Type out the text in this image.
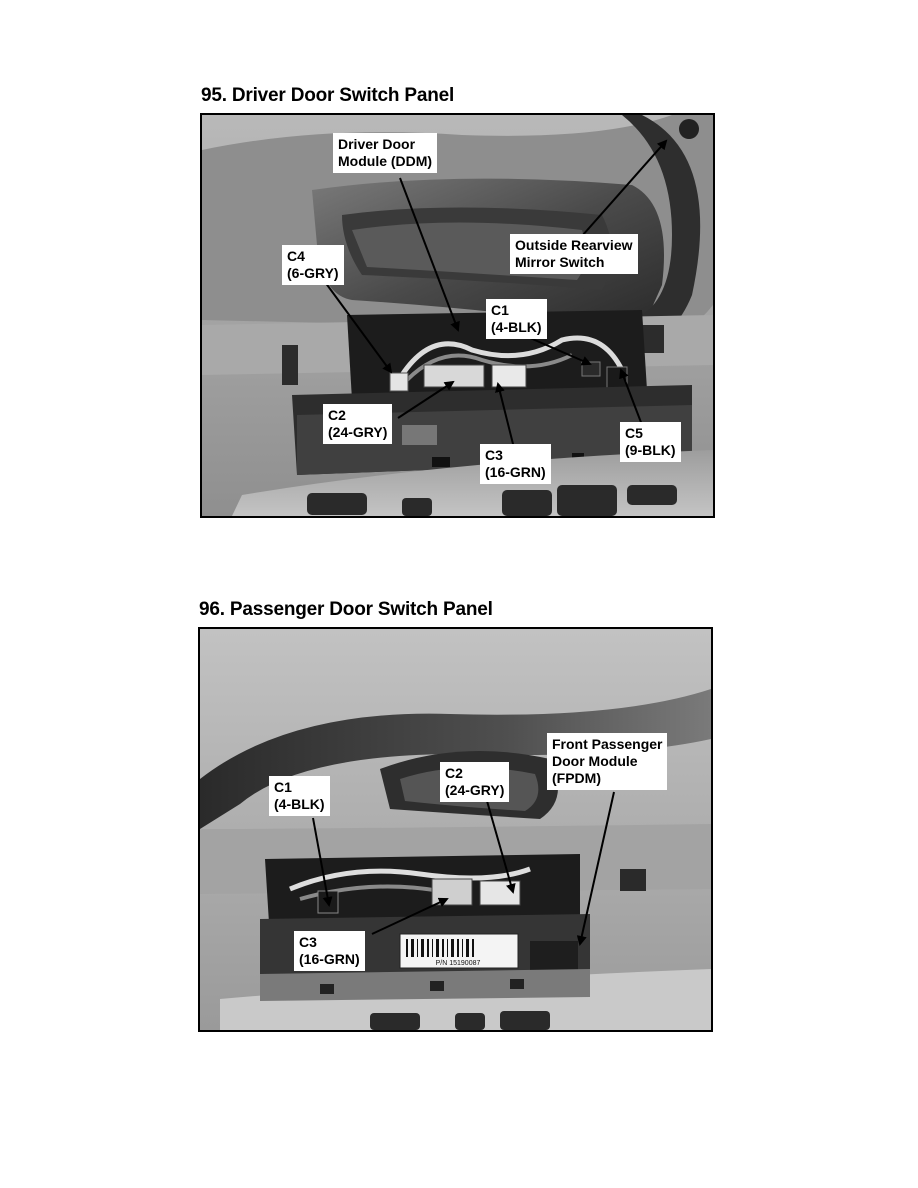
95. Driver Door Switch Panel
Driver Door
Module (DDM)
Outside Rearview
Mirror Switch
C4
(6-GRY)
C1
(4-BLK)
C2
(24-GRY)
C3
(16-GRN)
C5
(9-BLK)
96. Passenger Door Switch Panel
P/N 15190087
Front Passenger
Door Module
(FPDM)
C1
(4-BLK)
C2
(24-GRY)
C3
(16-GRN)
